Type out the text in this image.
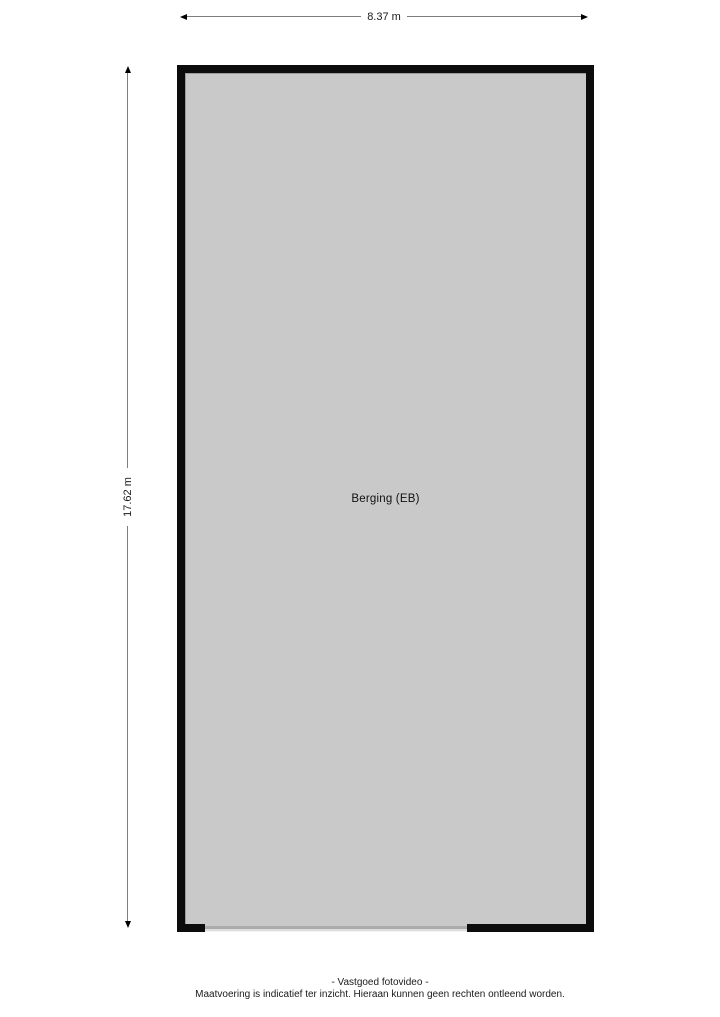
8.37 m
17.62 m	Berging (EB)
- Vastgoed fotovideo -
Maatvoering is indicatief ter inzicht. Hieraan kunnen geen rechten ontleend worden.
